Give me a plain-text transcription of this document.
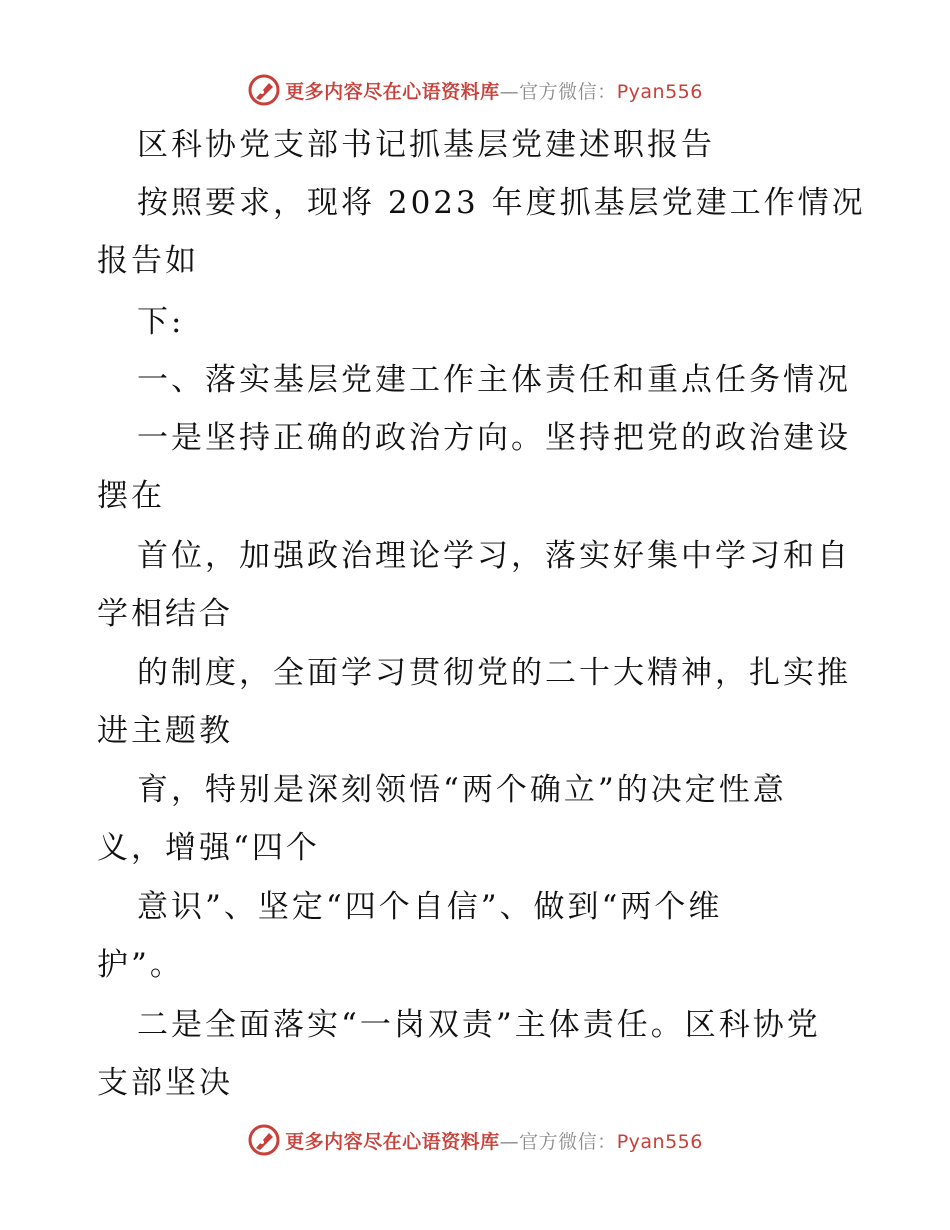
更多内容尽在心语资料库—官方微信：Pyan556
区科协党支部书记抓基层党建述职报告
按照要求，现将 2023 年度抓基层党建工作情况
报告如
下:
一、落实基层党建工作主体责任和重点任务情况
一是坚持正确的政治方向。坚持把党的政治建设
摆在
首位，加强政治理论学习，落实好集中学习和自
学相结合
的制度，全面学习贯彻党的二十大精神，扎实推
进主题教
育，特别是深刻领悟“两个确立”的决定性意
义，增强“四个
意识”、坚定“四个自信”、做到“两个维
护”。
二是全面落实“一岗双责”主体责任。区科协党
支部坚决
更多内容尽在心语资料库—官方微信：Pyan556
